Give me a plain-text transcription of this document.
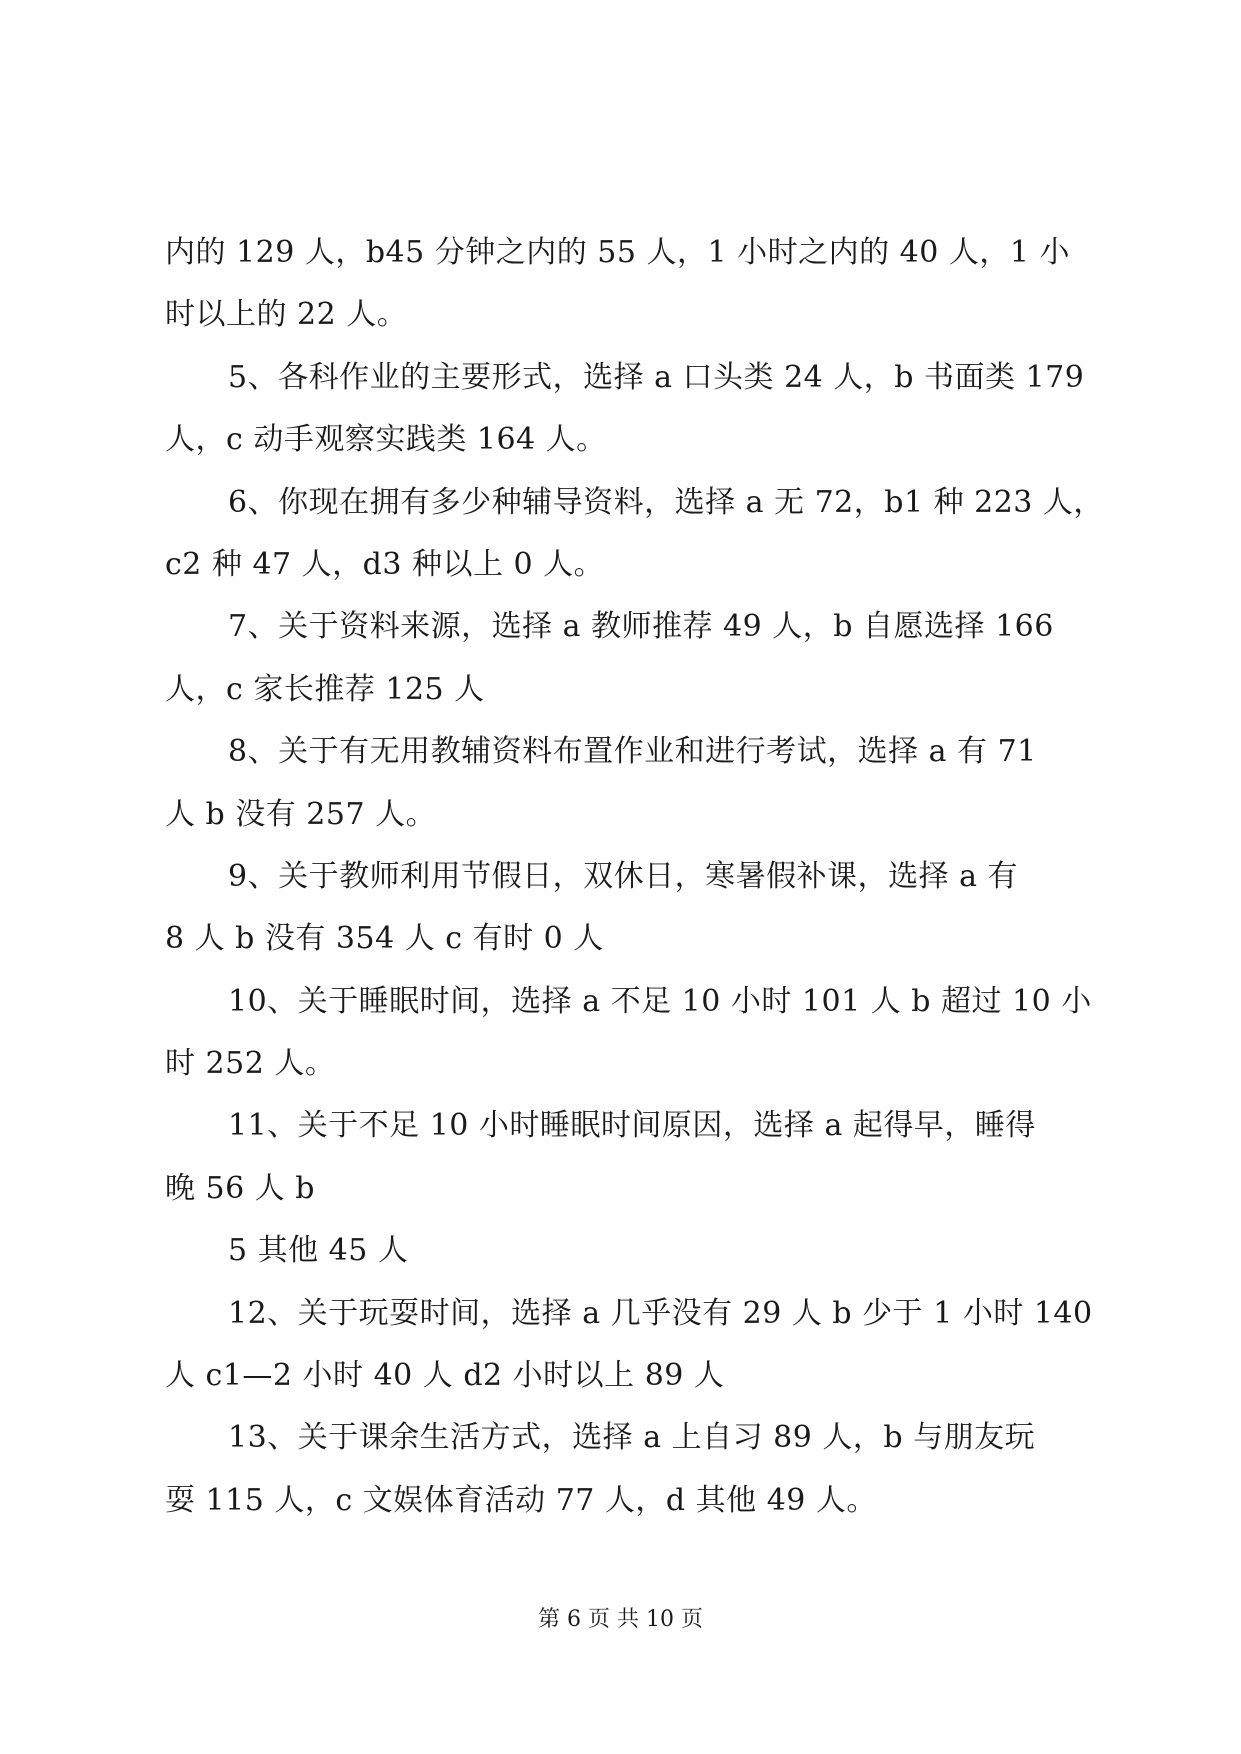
内的 129 人，b45 分钟之内的 55 人，1 小时之内的 40 人，1 小
时以上的 22 人。
5、各科作业的主要形式，选择 a 口头类 24 人，b 书面类 179
人，c 动手观察实践类 164 人。
6、你现在拥有多少种辅导资料，选择 a 无 72，b1 种 223 人，
c2 种 47 人，d3 种以上 0 人。
7、关于资料来源，选择 a 教师推荐 49 人，b 自愿选择 166
人，c 家长推荐 125 人
8、关于有无用教辅资料布置作业和进行考试，选择 a 有 71
人 b 没有 257 人。
9、关于教师利用节假日，双休日，寒暑假补课，选择 a 有
8 人 b 没有 354 人 c 有时 0 人
10、关于睡眠时间，选择 a 不足 10 小时 101 人 b 超过 10 小
时 252 人。
11、关于不足 10 小时睡眠时间原因，选择 a 起得早，睡得
晚 56 人 b
5 其他 45 人
12、关于玩耍时间，选择 a 几乎没有 29 人 b 少于 1 小时 140
人 c1—2 小时 40 人 d2 小时以上 89 人
13、关于课余生活方式，选择 a 上自习 89 人，b 与朋友玩
耍 115 人，c 文娱体育活动 77 人，d 其他 49 人。
第 6 页 共 10 页
